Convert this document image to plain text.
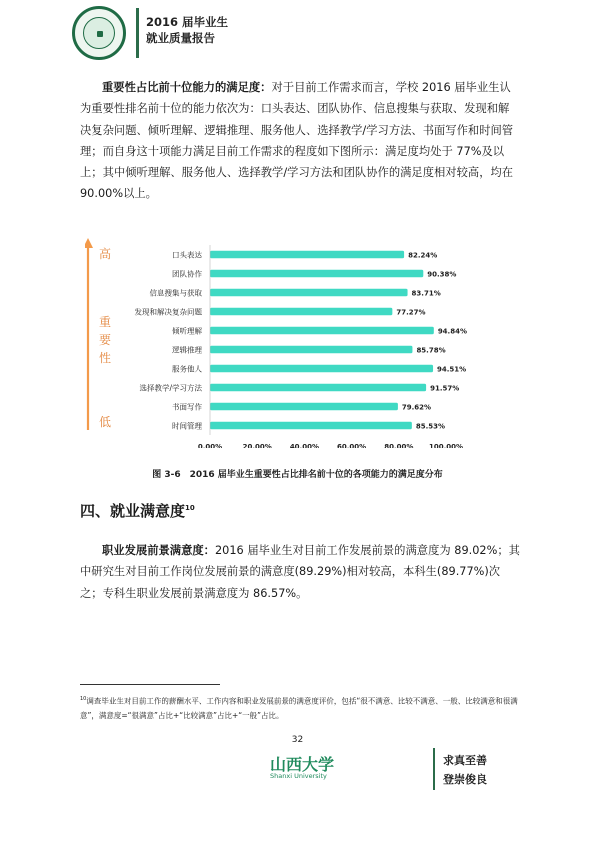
2016 届毕业生
就业质量报告
重要性占比前十位能力的满足度：对于目前工作需求而言，学校 2016 届毕业生认为重要性排名前十位的能力依次为：口头表达、团队协作、信息搜集与获取、发现和解决复杂问题、倾听理解、逻辑推理、服务他人、选择教学/学习方法、书面写作和时间管理；而自身这十项能力满足目前工作需求的程度如下图所示：满足度均处于 77%及以上；其中倾听理解、服务他人、选择教学/学习方法和团队协作的满足度相对较高，均在 90.00%以上。
高
重
要
性
低
口头表达	82.24%
团队协作	90.38%
信息搜集与获取	83.71%
发现和解决复杂问题	77.27%
倾听理解	94.84%
逻辑推理	85.78%
服务他人	94.51%
选择教学/学习方法	91.57%
书面写作	79.62%
时间管理	85.53%
0.00%	20.00%	40.00%	60.00%	80.00% 100.00%
图 3-6　2016 届毕业生重要性占比排名前十位的各项能力的满足度分布
四、就业满意度$^{10}$
职业发展前景满意度：2016 届毕业生对目前工作发展前景的满意度为 89.02%；其中研究生对目前工作岗位发展前景的满意度(89.29%)相对较高，本科生(89.77%)次之；专科生职业发展前景满意度为 86.57%。
$^{10}$调查毕业生对目前工作的薪酬水平、工作内容和职业发展前景的满意度评价，包括“很不满意、比较不满意、一般、比较满意和很满意”，满意度=“很满意”占比+“比较满意”占比+“一般”占比。
32
山西大学
Shanxi University
求真至善
登崇俊良
